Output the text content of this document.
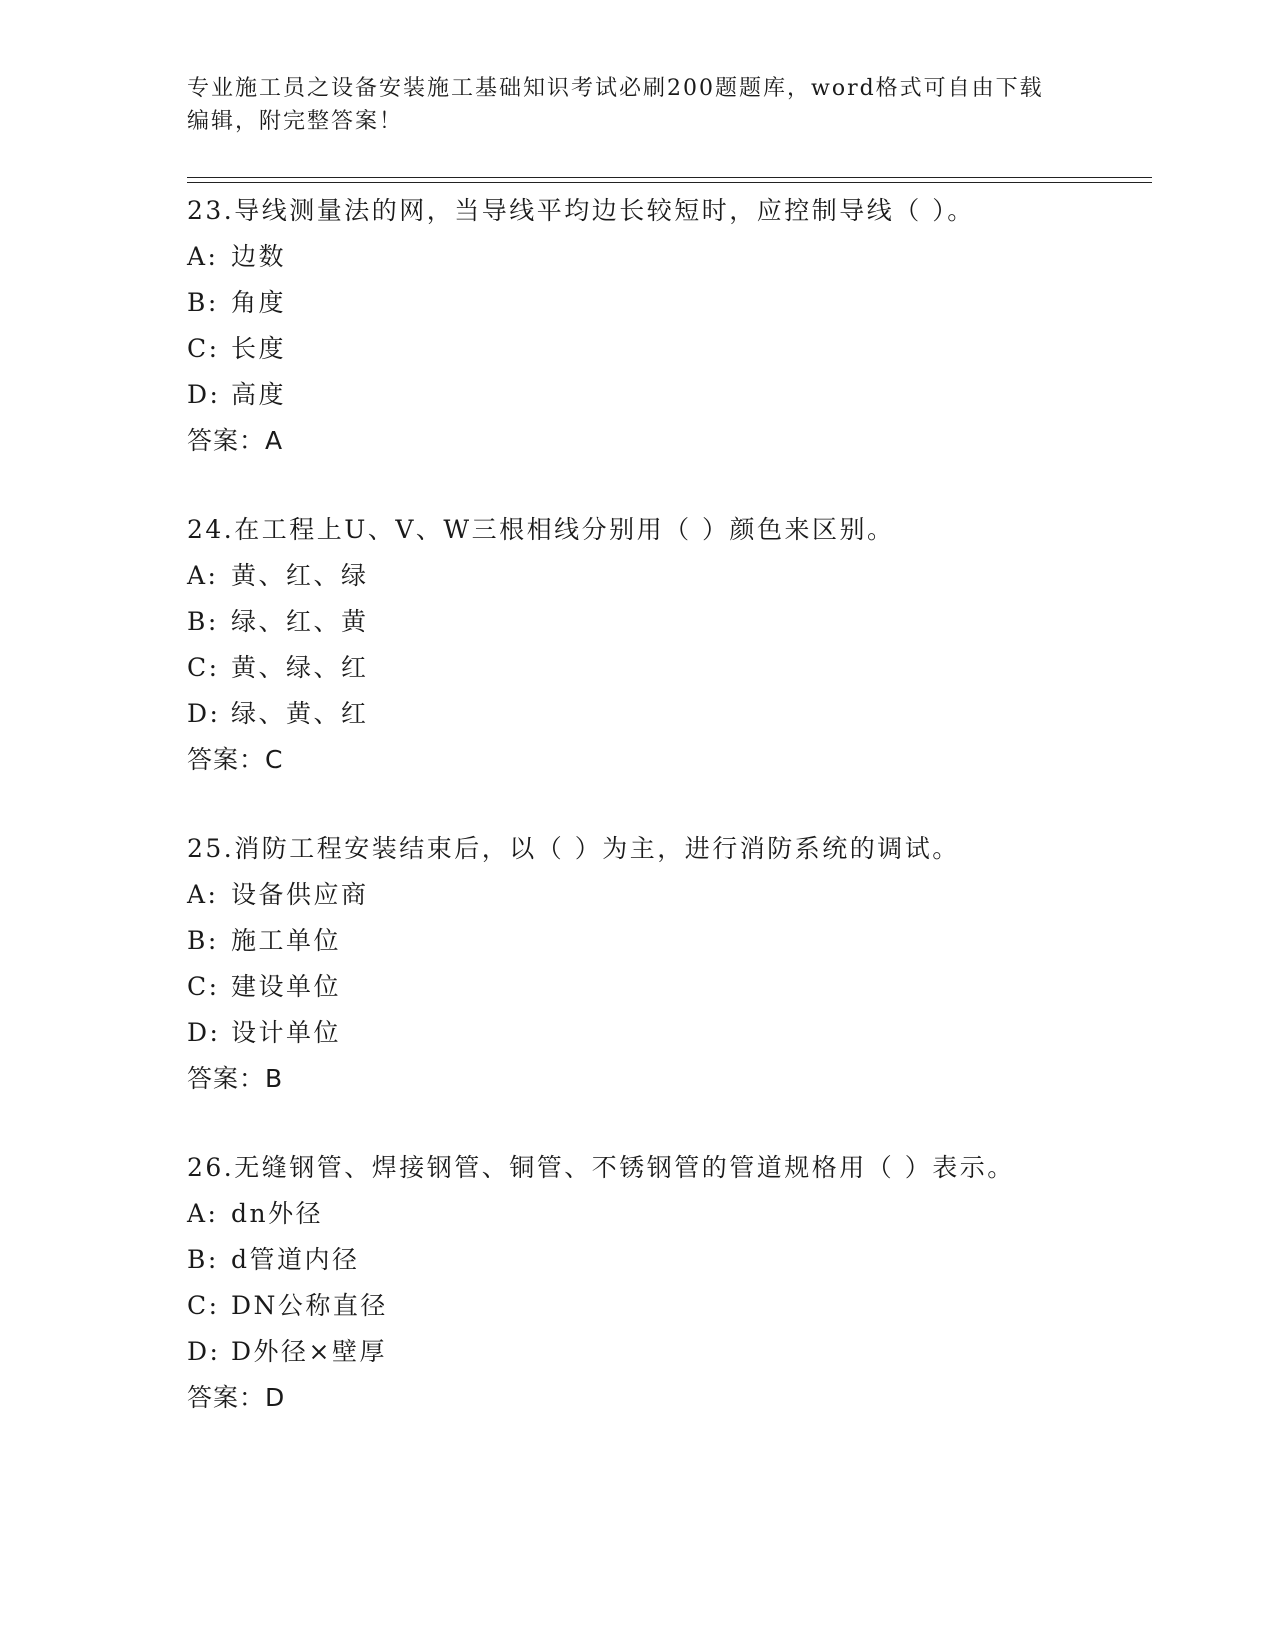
专业施工员之设备安装施工基础知识考试必刷200题题库，word格式可自由下载
编辑，附完整答案！
23.导线测量法的网，当导线平均边长较短时，应控制导线（ ）。
A: 边数
B: 角度
C: 长度
D: 高度
答案：A
24.在工程上U、V、W三根相线分别用（ ）颜色来区别。
A: 黄、红、绿
B: 绿、红、黄
C: 黄、绿、红
D: 绿、黄、红
答案：C
25.消防工程安装结束后，以（ ）为主，进行消防系统的调试。
A: 设备供应商
B: 施工单位
C: 建设单位
D: 设计单位
答案：B
26.无缝钢管、焊接钢管、铜管、不锈钢管的管道规格用（ ）表示。
A: dn外径
B: d管道内径
C: DN公称直径
D: D外径×壁厚
答案：D
